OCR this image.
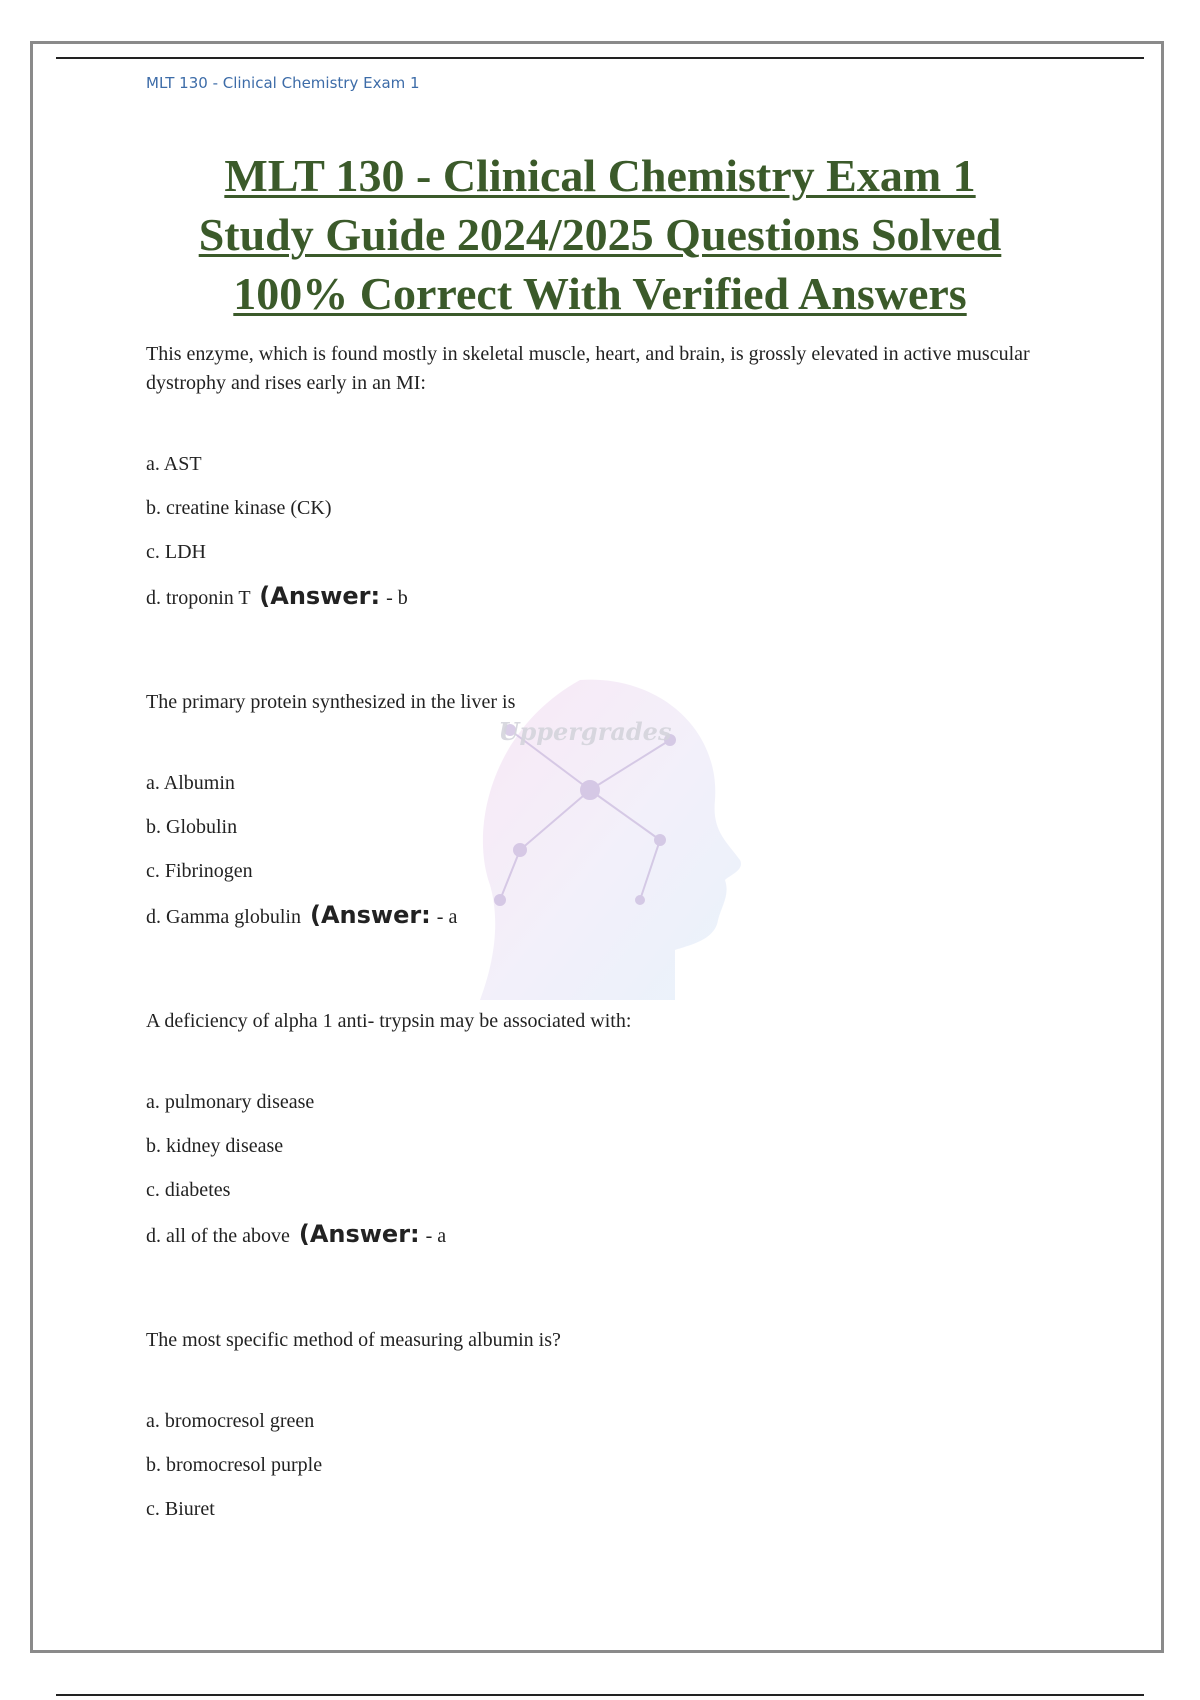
MLT 130 - Clinical Chemistry Exam 1
MLT 130 - Clinical Chemistry Exam 1
Study Guide 2024/2025 Questions Solved
100% Correct With Verified Answers
Uppergrades

This enzyme, which is found mostly in skeletal muscle, heart, and brain, is grossly elevated in active muscular dystrophy and rises early in an MI:

a. AST
b. creatine kinase (CK)
c. LDH
d. troponin T (Answer: - b

The primary protein synthesized in the liver is

a. Albumin
b. Globulin
c. Fibrinogen
d. Gamma globulin (Answer: - a

A deficiency of alpha 1 anti- trypsin may be associated with:

a. pulmonary disease
b. kidney disease
c. diabetes
d. all of the above (Answer: - a

The most specific method of measuring albumin is?

a. bromocresol green
b. bromocresol purple
c. Biuret
